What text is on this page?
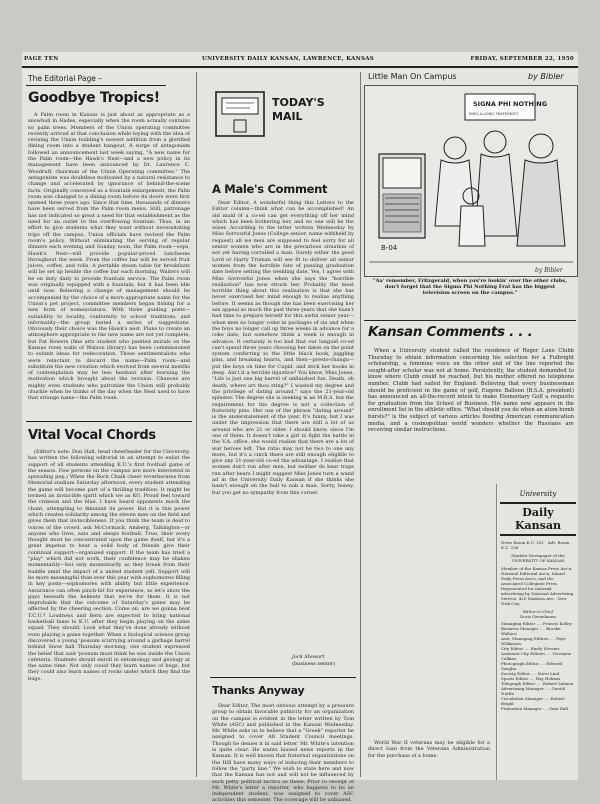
PAGE TEN	UNIVERSITY DAILY KANSAN, LAWRENCE, KANSAS	FRIDAY, SEPTEMBER 22, 1950
The Editorial Page –
Goodbye Tropics!

A Palm room in Kansas is just about as appropriate as a snowball in Hades, especially when the room actually contains no palm trees. Members of the Union operating committee recently arrived at that conclusion while toying with the idea of revising the Union building's newest addition from a glorified dining room into a student hangout. A surge of antagonism followed an announcement last week saying, "A new name for the Palm room—the Hawk's Nest—and a new policy in its management have been announced by Dr. Laurence C. Woodruff, chairman of the Union Operating committee." The antagonism was doubtless motivated by a natural resistance to change and accelerated by ignorance of behind-the-scene facts. Originally conceived as a fountain enlargement, the Palm room was changed to a dining room before its doors were first opened three years ago. Since that time, thousands of dinners have been served from the Palm room menu. Still, patronage has not indicated so great a need for that establishment as the need for an outlet to the overflowing fountain. Thus, in an effort to give students what they want without necessitating trips off the campus, Union officials have revised the Palm room's policy. Without eliminating the serving of regular dinners each evening and Sunday noon, the Palm room—oops, Hawk's Nest—will provide popular-priced luncheons throughout the week. From the coffee bar will be served fruit juices, coffee, and rolls. A portable steam table for breakfasts will be set up beside the coffee bar each morning. Waiters will be on duty daily to provide fountain service. The Palm room was originally equipped with a fountain, but it has been idle until now. Believing a change of management should be accompanied by the choice of a more appropriate name for the Union's pet project, committee members began fishing for a new form of nomenclature. With three guiding posts—suitability to locality, conformity to school traditions, and informality—the group tested a series of suggestions. Obviously their choice was the Hawk's nest. Plans to create an atmosphere appropriate to the new name are not yet complete, but Pat Bowers (fine arts student who painted murals on the Kansas room walls of Watson library) has been commissioned to submit ideas for redecoration. Those sentimentalists who were reluctant to discard the name—Palm room—and substitute the new creation which evolved from several months of contemplation may be less hesitant after learning the motivation which brought about the revision. Chances are mighty even students who patronize the Union will probably chuckle when he thinks of the day when the Nest used to have that strange name—the Palm room.

Vital Vocal Chords

(Editor's note: Don Hall, head cheerleader for the University, has written the following editorial in an attempt to enlist the support of all students attending K.U.'s first football game of the season. Few persons on the campus are more interested in spreading pep.) When the Rock Chalk cheer reverberates from Memorial stadium Saturday afternoon, every student attending the game will become part of a thrilling tradition. It might be termed an invincible spirit which we as KU. Proud feel toward the crimson and the blue. I have heard opponents mock the chant, attempting to diminish its power. But it is this power which creates solidarity among the eleven men on the field and gives them that invincibleness. If you think the team is deaf to voices of the crowd, ask McCormack, Amberg, Talkington—or anyone who lives, eats and sleeps football. True, their every thought must be concentrated upon the game itself, but it's a great impetus to hear a solid body of friends give their continual support—organized support. If the team has tried a "play" which did not work, their confidence may be shaken momentarily—but only momentarily as they break from their huddle amid the impact of a united student yell. Support will be more meaningful than ever this year with sophomores filling in key posts—sophomores with ability but little experience. Assurance can often pinch-hit for experience, so let's show the guys beneath the helmets that we're for them. It is not improbable that the outcome of Saturday's game may be affected by the cheering section. Come on, are we gonna beat T.C.U.? Loudness and Bern are expected to bring national basketball fame to K.U. after they begin playing on the same squad. They should. Look what they've done already without even playing a game together. When a biological science group discovered a young 'possum scurrying around a garbage barrel behind Snow hall Thursday morning, one student expressed the belief that said 'possum must think he was inside the Union cafeteria. Students should enroll in entomology and geology at the same time. Not only could they learn names of bugs, but they could also learn names of rocks under which they find the bugs.

TODAY'S MAIL
A Male's Comment

Dear Editor, A wonderful thing this Letters to the Editor column—think what can be accomplished! An old maid of a co-ed can get everything off her mind which has been bothering her, and no one will be the wiser. According to the letter written Wednesday by Miss Sorrowful Jones (College senior, name withheld by request) all we men are supposed to feel sorry for all senior women who are in the precarious situation of not yet having corralled a man. Surely either the good Lord or Harry Truman will see fit to deliver all senior women from the horrible fate of passing graduation date before setting the wedding date. Yes, I agree with Miss Sorrowful Jones when she says the "horrible realization" has now struck her. Probably the most horrible thing about this realization is that she has never exercised her mind enough to realize anything before. It seems as though she has been exercising her sex appeal so much the past three years that she hasn't had time to prepare herself for this awful senior year—when men no longer come in packages of six and when the boys no longer call up three weeks in advance for a coke date, but somehow think a week is enough in advance. It certainly is too bad that our languid co-ed can't spend three years choosing her dates on the point system conferring to the little black book, juggling pins, and breaking hearts, and then—presto-changu—put the boys on time for Cupid, and stick her hooks in deep. Ain't it a terrible injustice? You know, Miss Jones, "Life is just one big barrel of unfinished fun. Death, oh death, where art thou sting?" I wasted my degree and the privilege of dating around," says the 21-year-old spinster. The degree she is seeking is an M.R.S. but the requirement for the degree is not a collection of fraternity pins. Her use of the phrase "dating around" is the understatement of the year. It's funny, but I was under the impression that there are still a lot of us around who are 21 or older. I should know, since I'm one of them. It doesn't take a girl to fight the battle in the V.A. office, she would realize that there are a lot of war heroes left. The ratio may not be two to one any more, but it's a cinch there are still enough eligible to give any 21-year-old co-ed the advantage. I realize that women don't run after men, but neither do bear traps run after bears I might suggest Miss Jones turn a wand ad in the University Daily Kansan if she thinks she hasn't enough on the ball to nab a man. Sorry, honey, but you get no sympathy from this corner.

Jack Stewart
(business senior)
Thanks Anyway

Dear Editor, The most obvious attempt by a pressure group to obtain favorable publicity for an organization on the campus is evident in the letter written by Tom White (ASC) and published in the Kansan Wednesday. Mr. White asks us to believe that a "Greek" reporter be assigned to cover All Student Council meetings. Though he denies it in said letter, Mr. White's intention is quite clear. He wants biased news reports in the Kansan. It is well known that fraternal organizations on the Hill have many ways of inducing their members to follow the "party line." We wish to state here and now that the Kansan has not and will not be influenced by such petty political tactics as these. Prior to receipt of Mr. White's letter a reporter, who happens to be an independent student, was assigned to cover ASC activities this semester. The coverage will be unbiased.

Little Man On Campus	by Bibler
B-04
SIGNA PHI NOTHING
SING-A-LONG FRATERNITY
by Bibler
"Aa' remember, Fritzgerald, when you're lookin' over the other clubs, don't forget that the Sigma Phi Nothing Frat has the biggest television screen on the campus."
Kansan Comments . . .

When a University student called the residence of Roger Lane Clubb Thursday to obtain information concerning his selection for a Fulbright scholarship, a feminine voice on the other end of the line reported the sought-after scholar was not at home. Persistently, the student demanded to know where Clubb could be reached, but his mother offered no telephone number. Clubb had sailed for England. Believing that every businessman should be proficient in the game of golf, Eugene Balloon (B.S.A. president) has announced an all-the-record intent to make Elementary Golf a requisite for graduation from the School of Business. His name now appears in the enrollment list in the athletic office. "What should you do when an atom bomb bursts?" is the subject of various articles flooding American communication media, and a cosmopolitan world wonders whether the Russians are receiving similar instructions.

World War II veterans may be eligible for a direct loan from the Veterans Administration for the purchase of a home.

University
Daily Kansan
News Room K.U. 251 · Adv. Room K.U. 256
Student Newspaper of the UNIVERSITY OF KANSAS
Member of the Kansas Press Ass'n, National Editorial Ass'n, Inland Daily Press Ass'n, and the Associated Collegiate Press. Represented for national advertising by National Advertising Service, 420 Madison Ave., New York City.
Editor-in-Chief
Doris Greenbaum
Managing Editor .... Francis Kelley
Business Manager .... Brooke Wallace
Asst. Managing Editors .... Faye Wilkinson
City Editor .... Emily Stewart
Assistant City Editors .... Dewayne Calkins
Photograph Editor .... Edward Vaughn
Society Editor .... Steve Lind
Sports Editor .... Ray Holmes
Telegraph Editor .... Robert Salmon
Advertising Manager .... Gerald Nuttle
Circulation Manager .... Robert Bright
Promotion Manager .... Sam Hall
